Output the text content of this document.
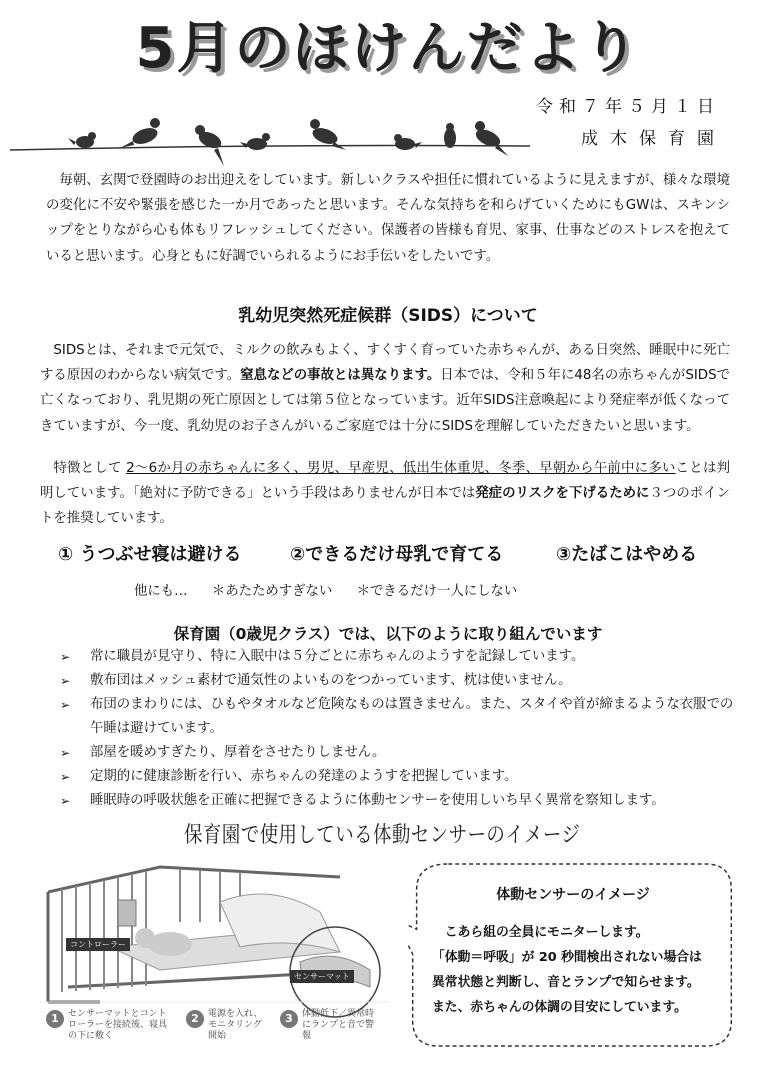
5月のほけんだより
令和７年５月１日
成木保育園
毎朝、玄関で登園時のお出迎えをしています。新しいクラスや担任に慣れているように見えますが、様々な環境の変化に不安や緊張を感じた一か月であったと思います。そんな気持ちを和らげていくためにもGWは、スキンシップをとりながら心も体もリフレッシュしてください。保護者の皆様も育児、家事、仕事などのストレスを抱えていると思います。心身ともに好調でいられるようにお手伝いをしたいです。
乳幼児突然死症候群（SIDS）について
SIDSとは、それまで元気で、ミルクの飲みもよく、すくすく育っていた赤ちゃんが、ある日突然、睡眠中に死亡する原因のわからない病気です。窒息などの事故とは異なります。日本では、令和５年に48名の赤ちゃんがSIDSで亡くなっており、乳児期の死亡原因としては第５位となっています。近年SIDS注意喚起により発症率が低くなってきていますが、今一度、乳幼児のお子さんがいるご家庭では十分にSIDSを理解していただきたいと思います。
特徴として 2〜6か月の赤ちゃんに多く、男児、早産児、低出生体重児、冬季、早朝から午前中に多いことは判明しています。「絶対に予防できる」という手段はありませんが日本では発症のリスクを下げるために３つのポイントを推奨しています。
① うつぶせ寝は避ける	②できるだけ母乳で育てる	③たばこはやめる
他にも… ＊あたためすぎない ＊できるだけ一人にしない
保育園（0歳児クラス）では、以下のように取り組んでいます
➢ 常に職員が見守り、特に入眠中は５分ごとに赤ちゃんのようすを記録しています。
➢ 敷布団はメッシュ素材で通気性のよいものをつかっています、枕は使いません。
➢ 布団のまわりには、ひもやタオルなど危険なものは置きません。また、スタイや首が締まるような衣服での午睡は避けています。
➢ 部屋を暖めすぎたり、厚着をさせたりしません。
➢ 定期的に健康診断を行い、赤ちゃんの発達のようすを把握しています。
➢ 睡眠時の呼吸状態を正確に把握できるように体動センサーを使用しいち早く異常を察知します。
保育園で使用している体動センサーのイメージ
コントローラー
センサーマット
1	センサーマットとコントローラーを接続後、寝具の下に敷く
2	電源を入れ、モニタリング開始
3	体動低下／異常時にランプと音で警報
体動センサーのイメージ
こあら組の全員にモニターします。
「体動＝呼吸」が 20 秒間検出されない場合は
異常状態と判断し、音とランプで知らせます。
また、赤ちゃんの体調の目安にしています。
